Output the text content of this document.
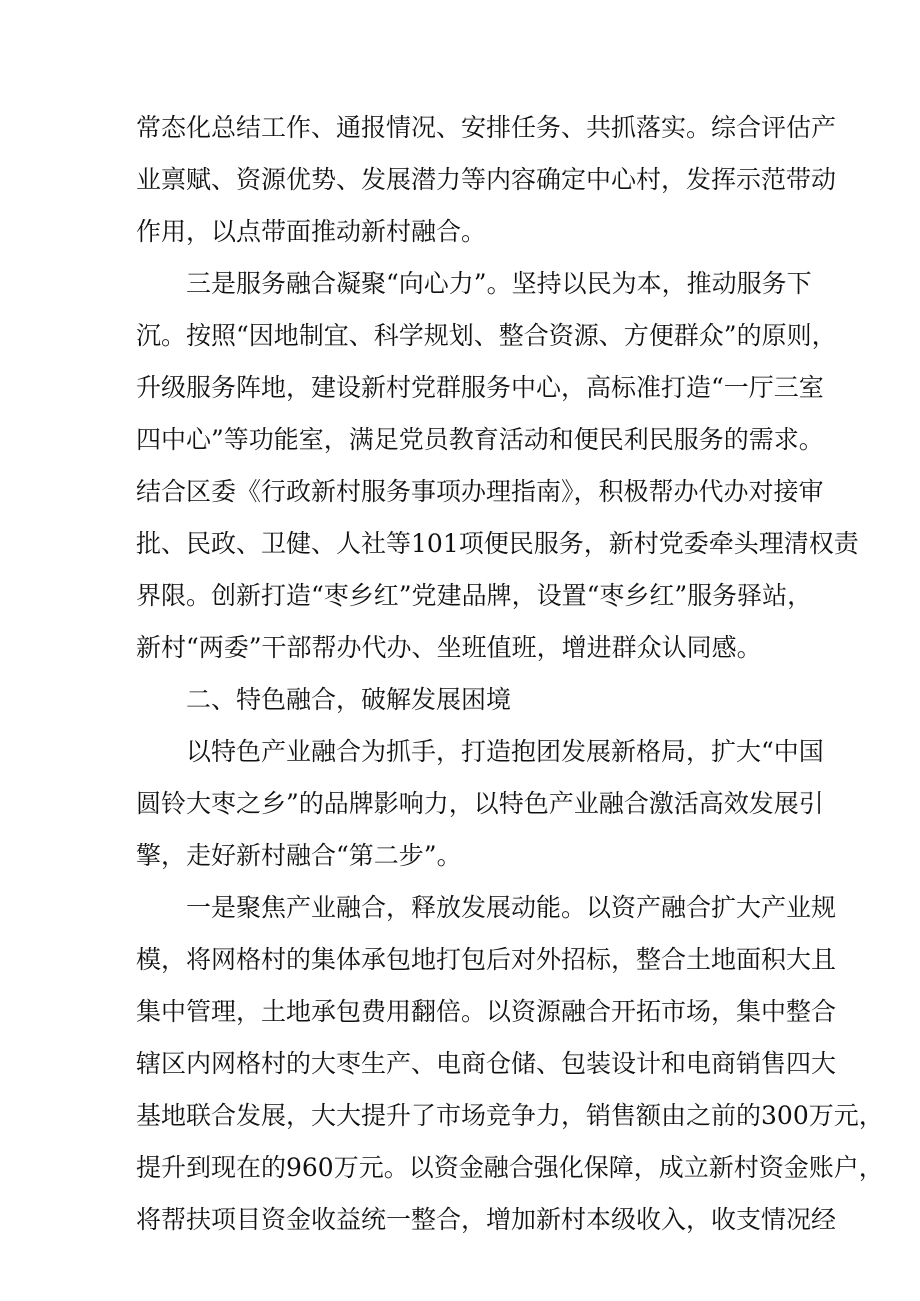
常态化总结工作、通报情况、安排任务、共抓落实。综合评估产
业禀赋、资源优势、发展潜力等内容确定中心村，发挥示范带动
作用，以点带面推动新村融合。
三是服务融合凝聚“向心力”。坚持以民为本，推动服务下
沉。按照“因地制宜、科学规划、整合资源、方便群众”的原则，
升级服务阵地，建设新村党群服务中心，高标准打造“一厅三室
四中心”等功能室，满足党员教育活动和便民利民服务的需求。
结合区委《行政新村服务事项办理指南》，积极帮办代办对接审
批、民政、卫健、人社等101项便民服务，新村党委牵头理清权责
界限。创新打造“枣乡红”党建品牌，设置“枣乡红”服务驿站，
新村“两委”干部帮办代办、坐班值班，增进群众认同感。
二、特色融合，破解发展困境
以特色产业融合为抓手，打造抱团发展新格局，扩大“中国
圆铃大枣之乡”的品牌影响力，以特色产业融合激活高效发展引
擎，走好新村融合“第二步”。
一是聚焦产业融合，释放发展动能。以资产融合扩大产业规
模，将网格村的集体承包地打包后对外招标，整合土地面积大且
集中管理，土地承包费用翻倍。以资源融合开拓市场，集中整合
辖区内网格村的大枣生产、电商仓储、包装设计和电商销售四大
基地联合发展，大大提升了市场竞争力，销售额由之前的300万元，
提升到现在的960万元。以资金融合强化保障，成立新村资金账户，
将帮扶项目资金收益统一整合，增加新村本级收入，收支情况经
